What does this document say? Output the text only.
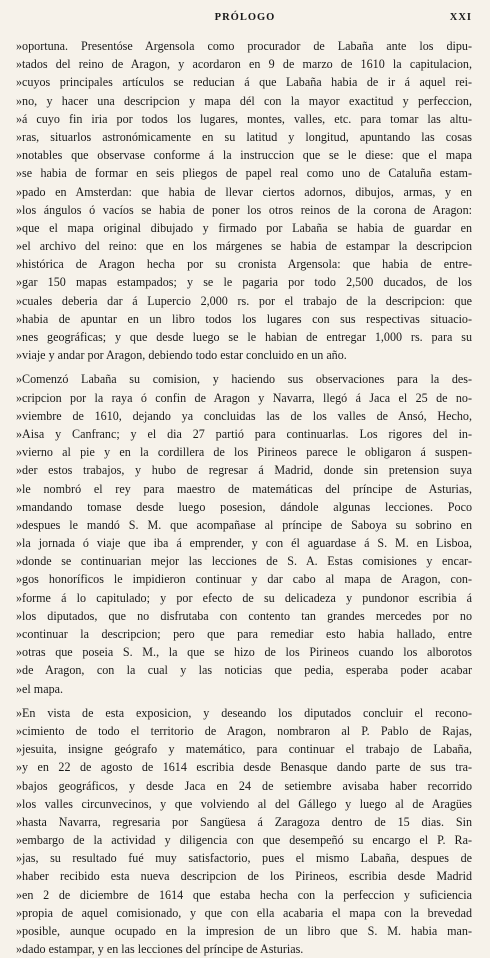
PRÓLOGO	XXI
»oportuna. Presentóse Argensola como procurador de Labaña ante los dipu-
»tados del reino de Aragon, y acordaron en 9 de marzo de 1610 la capitulacion,
»cuyos principales artículos se reducian á que Labaña habia de ir á aquel rei-
»no, y hacer una descripcion y mapa dél con la mayor exactitud y perfeccion,
»á cuyo fin iria por todos los lugares, montes, valles, etc. para tomar las altu-
»ras, situarlos astronómicamente en su latitud y longitud, apuntando las cosas
»notables que observase conforme á la instruccion que se le diese: que el mapa
»se habia de formar en seis pliegos de papel real como uno de Cataluña estam-
»pado en Amsterdan: que habia de llevar ciertos adornos, dibujos, armas, y en
»los ángulos ó vacíos se habia de poner los otros reinos de la corona de Aragon:
»que el mapa original dibujado y firmado por Labaña se habia de guardar en
»el archivo del reino: que en los márgenes se habia de estampar la descripcion
»histórica de Aragon hecha por su cronista Argensola: que habia de entre-
»gar 150 mapas estampados; y se le pagaria por todo 2,500 ducados, de los
»cuales deberia dar á Lupercio 2,000 rs. por el trabajo de la descripcion: que
»habia de apuntar en un libro todos los lugares con sus respectivas situacio-
»nes geográficas; y que desde luego se le habian de entregar 1,000 rs. para su
»viaje y andar por Aragon, debiendo todo estar concluido en un año.
»Comenzó Labaña su comision, y haciendo sus observaciones para la des-
»cripcion por la raya ó confin de Aragon y Navarra, llegó á Jaca el 25 de no-
»viembre de 1610, dejando ya concluidas las de los valles de Ansó, Hecho,
»Aisa y Canfranc; y el dia 27 partió para continuarlas. Los rigores del in-
»vierno al pie y en la cordillera de los Pirineos parece le obligaron á suspen-
»der estos trabajos, y hubo de regresar á Madrid, donde sin pretension suya
»le nombró el rey para maestro de matemáticas del príncipe de Asturias,
»mandando tomase desde luego posesion, dándole algunas lecciones. Poco
»despues le mandó S. M. que acompañase al príncipe de Saboya su sobrino en
»la jornada ó viaje que iba á emprender, y con él aguardase á S. M. en Lisboa,
»donde se continuarian mejor las lecciones de S. A. Estas comisiones y encar-
»gos honoríficos le impidieron continuar y dar cabo al mapa de Aragon, con-
»forme á lo capitulado; y por efecto de su delicadeza y pundonor escribia á
»los diputados, que no disfrutaba con contento tan grandes mercedes por no
»continuar la descripcion; pero que para remediar esto habia hallado, entre
»otras que poseia S. M., la que se hizo de los Pirineos cuando los alborotos
»de Aragon, con la cual y las noticias que pedia, esperaba poder acabar
»el mapa.
»En vista de esta exposicion, y deseando los diputados concluir el recono-
»cimiento de todo el territorio de Aragon, nombraron al P. Pablo de Rajas,
»jesuita, insigne geógrafo y matemático, para continuar el trabajo de Labaña,
»y en 22 de agosto de 1614 escribia desde Benasque dando parte de sus tra-
»bajos geográficos, y desde Jaca en 24 de setiembre avisaba haber recorrido
»los valles circunvecinos, y que volviendo al del Gállego y luego al de Aragües
»hasta Navarra, regresaria por Sangüesa á Zaragoza dentro de 15 dias. Sin
»embargo de la actividad y diligencia con que desempeñó su encargo el P. Ra-
»jas, su resultado fué muy satisfactorio, pues el mismo Labaña, despues de
»haber recibido esta nueva descripcion de los Pirineos, escribia desde Madrid
»en 2 de diciembre de 1614 que estaba hecha con la perfeccion y suficiencia
»propia de aquel comisionado, y que con ella acabaria el mapa con la brevedad
»posible, aunque ocupado en la impresion de un libro que S. M. habia man-
»dado estampar, y en las lecciones del príncipe de Asturias.
